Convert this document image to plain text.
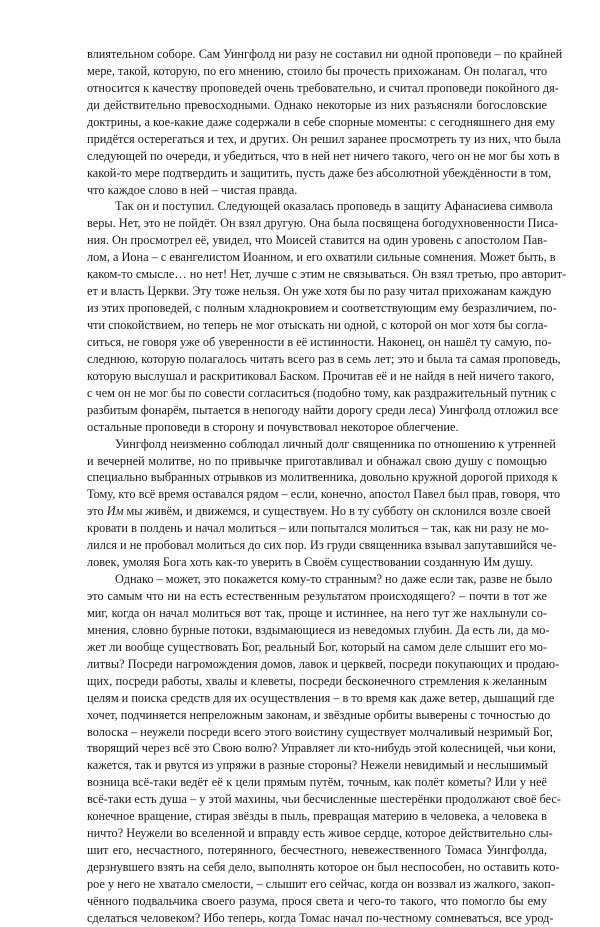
влиятельном соборе. Сам Уингфолд ни разу не составил ни одной проповеди – по крайней
мере, такой, которую, по его мнению, стоило бы прочесть прихожанам. Он полагал, что
относится к качеству проповедей очень требовательно, и считал проповеди покойного дя-
ди действительно превосходными. Однако некоторые из них разъясняли богословские
доктрины, а кое-какие даже содержали в себе спорные моменты: с сегодняшнего дня ему
придётся остерегаться и тех, и других. Он решил заранее просмотреть ту из них, что была
следующей по очереди, и убедиться, что в ней нет ничего такого, чего он не мог бы хоть в
какой-то мере подтвердить и защитить, пусть даже без абсолютной убеждённости в том,
что каждое слово в ней – чистая правда.
Так он и поступил. Следующей оказалась проповедь в защиту Афанасиева символа
веры. Нет, это не пойдёт. Он взял другую. Она была посвящена богодухновенности Писа-
ния. Он просмотрел её, увидел, что Моисей ставится на один уровень с апостолом Пав-
лом, а Иона – с евангелистом Иоанном, и его охватили сильные сомнения. Может быть, в
каком-то смысле… но нет! Нет, лучше с этим не связываться. Он взял третью, про авторит-
ет и власть Церкви. Эту тоже нельзя. Он уже хотя бы по разу читал прихожанам каждую
из этих проповедей, с полным хладнокровием и соответствующим ему безразличием, по-
чти спокойствием, но теперь не мог отыскать ни одной, с которой он мог хотя бы согла-
ситься, не говоря уже об уверенности в её истинности. Наконец, он нашёл ту самую, по-
следнюю, которую полагалось читать всего раз в семь лет; это и была та самая проповедь,
которую выслушал и раскритиковал Баском. Прочитав её и не найдя в ней ничего такого,
с чем он не мог бы по совести согласиться (подобно тому, как раздражительный путник с
разбитым фонарём, пытается в непогоду найти дорогу среди леса) Уингфолд отложил все
остальные проповеди в сторону и почувствовал некоторое облегчение.
Уингфолд неизменно соблюдал личный долг священника по отношению к утренней
и вечерней молитве, но по привычке приготавливал и обнажал свою душу с помощью
специально выбранных отрывков из молитвенника, довольно кружной дорогой приходя к
Тому, кто всё время оставался рядом – если, конечно, апостол Павел был прав, говоря, что
это Им мы живём, и движемся, и существуем. Но в ту субботу он склонился возле своей
кровати в полдень и начал молиться – или попытался молиться – так, как ни разу не мо-
лился и не пробовал молиться до сих пор. Из груди священника взывал запутавшийся че-
ловек, умоляя Бога хоть как-то уверить в Своём существовании созданную Им душу.
Однако – может, это покажется кому-то странным? но даже если так, разве не было
это самым что ни на есть естественным результатом происходящего? – почти в тот же
миг, когда он начал молиться вот так, проще и истиннее, на него тут же нахлынули со-
мнения, словно бурные потоки, вздымающиеся из неведомых глубин. Да есть ли, да мо-
жет ли вообще существовать Бог, реальный Бог, который на самом деле слышит его мо-
литвы? Посреди нагромождения домов, лавок и церквей, посреди покупающих и продаю-
щих, посреди работы, хвалы и клеветы, посреди бесконечного стремления к желанным
целям и поиска средств для их осуществления – в то время как даже ветер, дышащий где
хочет, подчиняется непреложным законам, и звёздные орбиты выверены с точностью до
волоска – неужели посреди всего этого воистину существует молчаливый незримый Бог,
творящий через всё это Свою волю? Управляет ли кто-нибудь этой колесницей, чьи кони,
кажется, так и рвутся из упряжи в разные стороны? Нежели невидимый и неслышимый
возница всё-таки ведёт её к цели прямым путём, точным, как полёт кометы? Или у неё
всё-таки есть душа – у этой махины, чьи бесчисленные шестерёнки продолжают своё бес-
конечное вращение, стирая звёзды в пыль, превращая материю в человека, а человека в
ничто? Неужели во вселенной и вправду есть живое сердце, которое действительно слы-
шит его, несчастного, потерянного, бесчестного, невежественного Томаса Уингфолда,
дерзнувшего взять на себя дело, выполнять которое он был неспособен, но оставить кото-
рое у него не хватало смелости, – слышит его сейчас, когда он воззвал из жалкого, закоп-
чённого подвальчика своего разума, прося света и чего-то такого, что помогло бы ему
сделаться человеком? Ибо теперь, когда Томас начал по-честному сомневаться, все урод-
